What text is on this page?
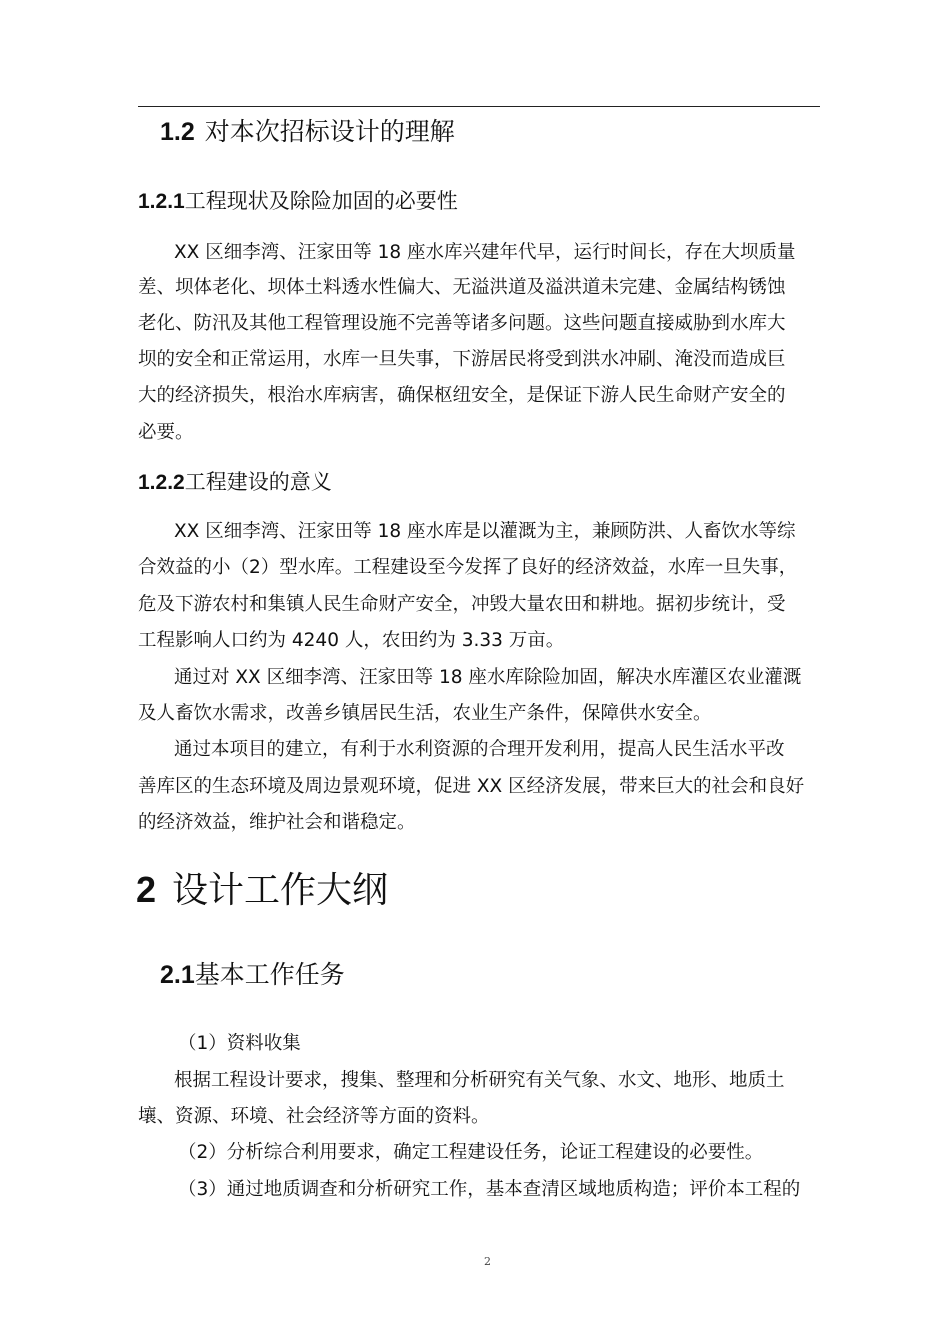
1.2 对本次招标设计的理解
1.2.1工程现状及除险加固的必要性
XX 区细李湾、汪家田等 18 座水库兴建年代早，运行时间长，存在大坝质量
差、坝体老化、坝体土料透水性偏大、无溢洪道及溢洪道未完建、金属结构锈蚀
老化、防汛及其他工程管理设施不完善等诸多问题。这些问题直接威胁到水库大
坝的安全和正常运用，水库一旦失事，下游居民将受到洪水冲刷、淹没而造成巨
大的经济损失，根治水库病害，确保枢纽安全，是保证下游人民生命财产安全的
必要。
1.2.2工程建设的意义
XX 区细李湾、汪家田等 18 座水库是以灌溉为主，兼顾防洪、人畜饮水等综
合效益的小（2）型水库。工程建设至今发挥了良好的经济效益，水库一旦失事，
危及下游农村和集镇人民生命财产安全，冲毁大量农田和耕地。据初步统计，受
工程影响人口约为 4240 人，农田约为 3.33 万亩。
通过对 XX 区细李湾、汪家田等 18 座水库除险加固，解决水库灌区农业灌溉
及人畜饮水需求，改善乡镇居民生活，农业生产条件，保障供水安全。
通过本项目的建立，有利于水利资源的合理开发利用，提高人民生活水平改
善库区的生态环境及周边景观环境，促进 XX 区经济发展，带来巨大的社会和良好
的经济效益，维护社会和谐稳定。
2 设计工作大纲
2.1基本工作任务
（1）资料收集
根据工程设计要求，搜集、整理和分析研究有关气象、水文、地形、地质土
壤、资源、环境、社会经济等方面的资料。
（2）分析综合利用要求，确定工程建设任务，论证工程建设的必要性。
（3）通过地质调查和分析研究工作，基本查清区域地质构造；评价本工程的
2
